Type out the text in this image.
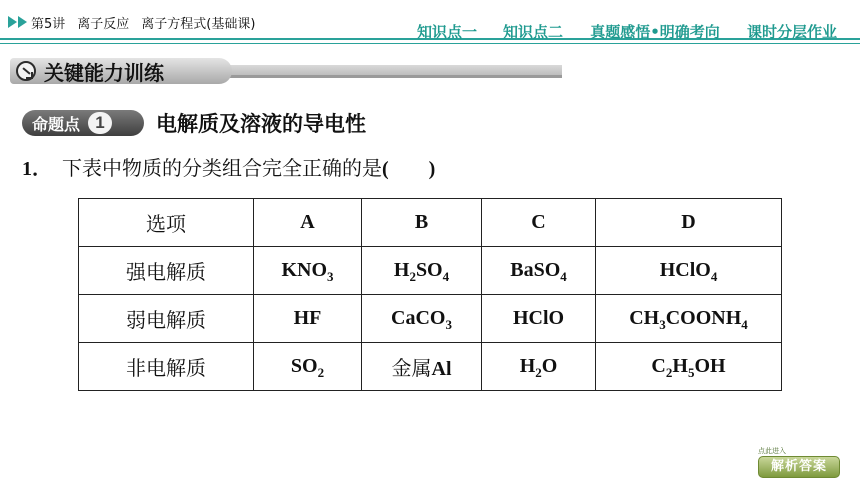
第5讲 离子反应 离子方程式(基础课)
1
知识点一
2
知识点二
3
真题感悟•明确考向
4
课时分层作业
关键能力训练
命题点 1	电解质及溶液的导电性
1． 下表中物质的分类组合完全正确的是(　　)
选项	A	B	C	D
强电解质	$KNO_3$	$H_2SO_4$	BaSO$_4$	HClO$_4$
弱电解质	HF	CaCO$_3$	HClO	$CH_3COONH_4$
非电解质	$SO_2$	金属Al	$H_2O$	$C_2H_5OH$
点此进入
解析答案
